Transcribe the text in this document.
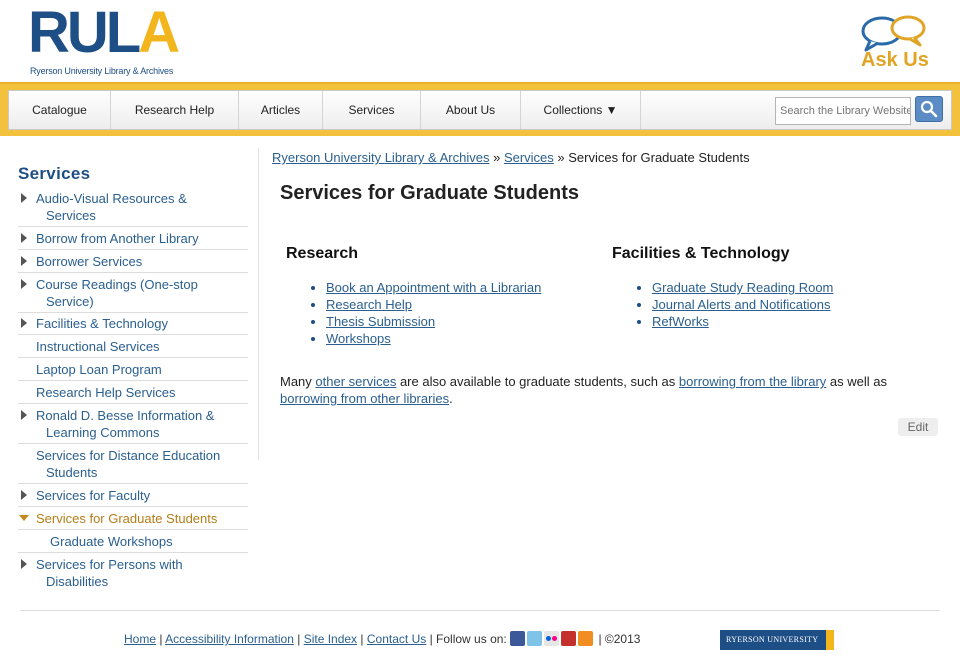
RULA
Ryerson University Library & Archives	Ask Us
Catalogue	Research Help	Articles	Services	About Us	Collections ▼
Search the Library Website
Services
Audio-Visual Resources &
Services
Borrow from Another Library
Borrower Services
Course Readings (One-stop
Service)
Facilities & Technology
Instructional Services
Laptop Loan Program
Research Help Services
Ronald D. Besse Information &
Learning Commons
Services for Distance Education
Students
Services for Faculty
Services for Graduate Students
Graduate Workshops
Services for Persons with
Disabilities
Ryerson University Library & Archives » Services » Services for Graduate Students
Services for Graduate Students
Research
• Book an Appointment with a Librarian
• Research Help
• Thesis Submission
• Workshops
Facilities & Technology
• Graduate Study Reading Room
• Journal Alerts and Notifications
• RefWorks
Many other services are also available to graduate students, such as borrowing from the library as well as borrowing from other libraries.
Edit
Home | Accessibility Information | Site Index | Contact Us | Follow us on:	| ©2013	RYERSON UNIVERSITY
